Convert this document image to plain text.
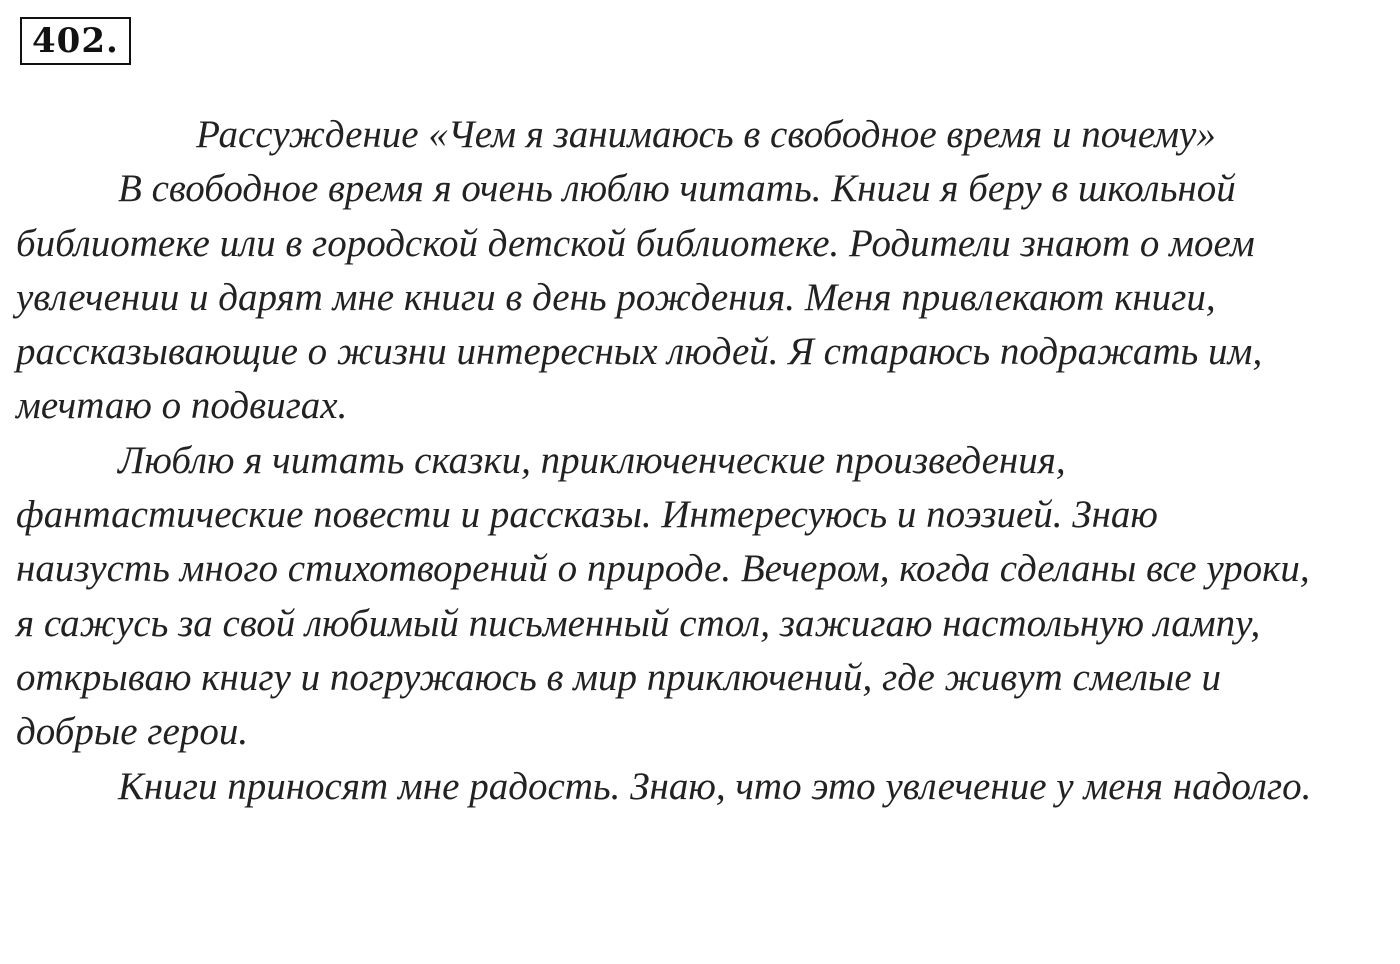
402.

Рассуждение «Чем я занимаюсь в свободное время и почему»

В свободное время я очень люблю читать. Книги я беру в школьной
библиотеке или в городской детской библиотеке. Родители знают о моем
увлечении и дарят мне книги в день рождения. Меня привлекают книги,
рассказывающие о жизни интересных людей. Я стараюсь подражать им,
мечтаю о подвигах.
Люблю я читать сказки, приключенческие произведения,
фантастические повести и рассказы. Интересуюсь и поэзией. Знаю
наизусть много стихотворений о природе. Вечером, когда сделаны все уроки,
я сажусь за свой любимый письменный стол, зажигаю настольную лампу,
открываю книгу и погружаюсь в мир приключений, где живут смелые и
добрые герои.
Книги приносят мне радость. Знаю, что это увлечение у меня надолго.
